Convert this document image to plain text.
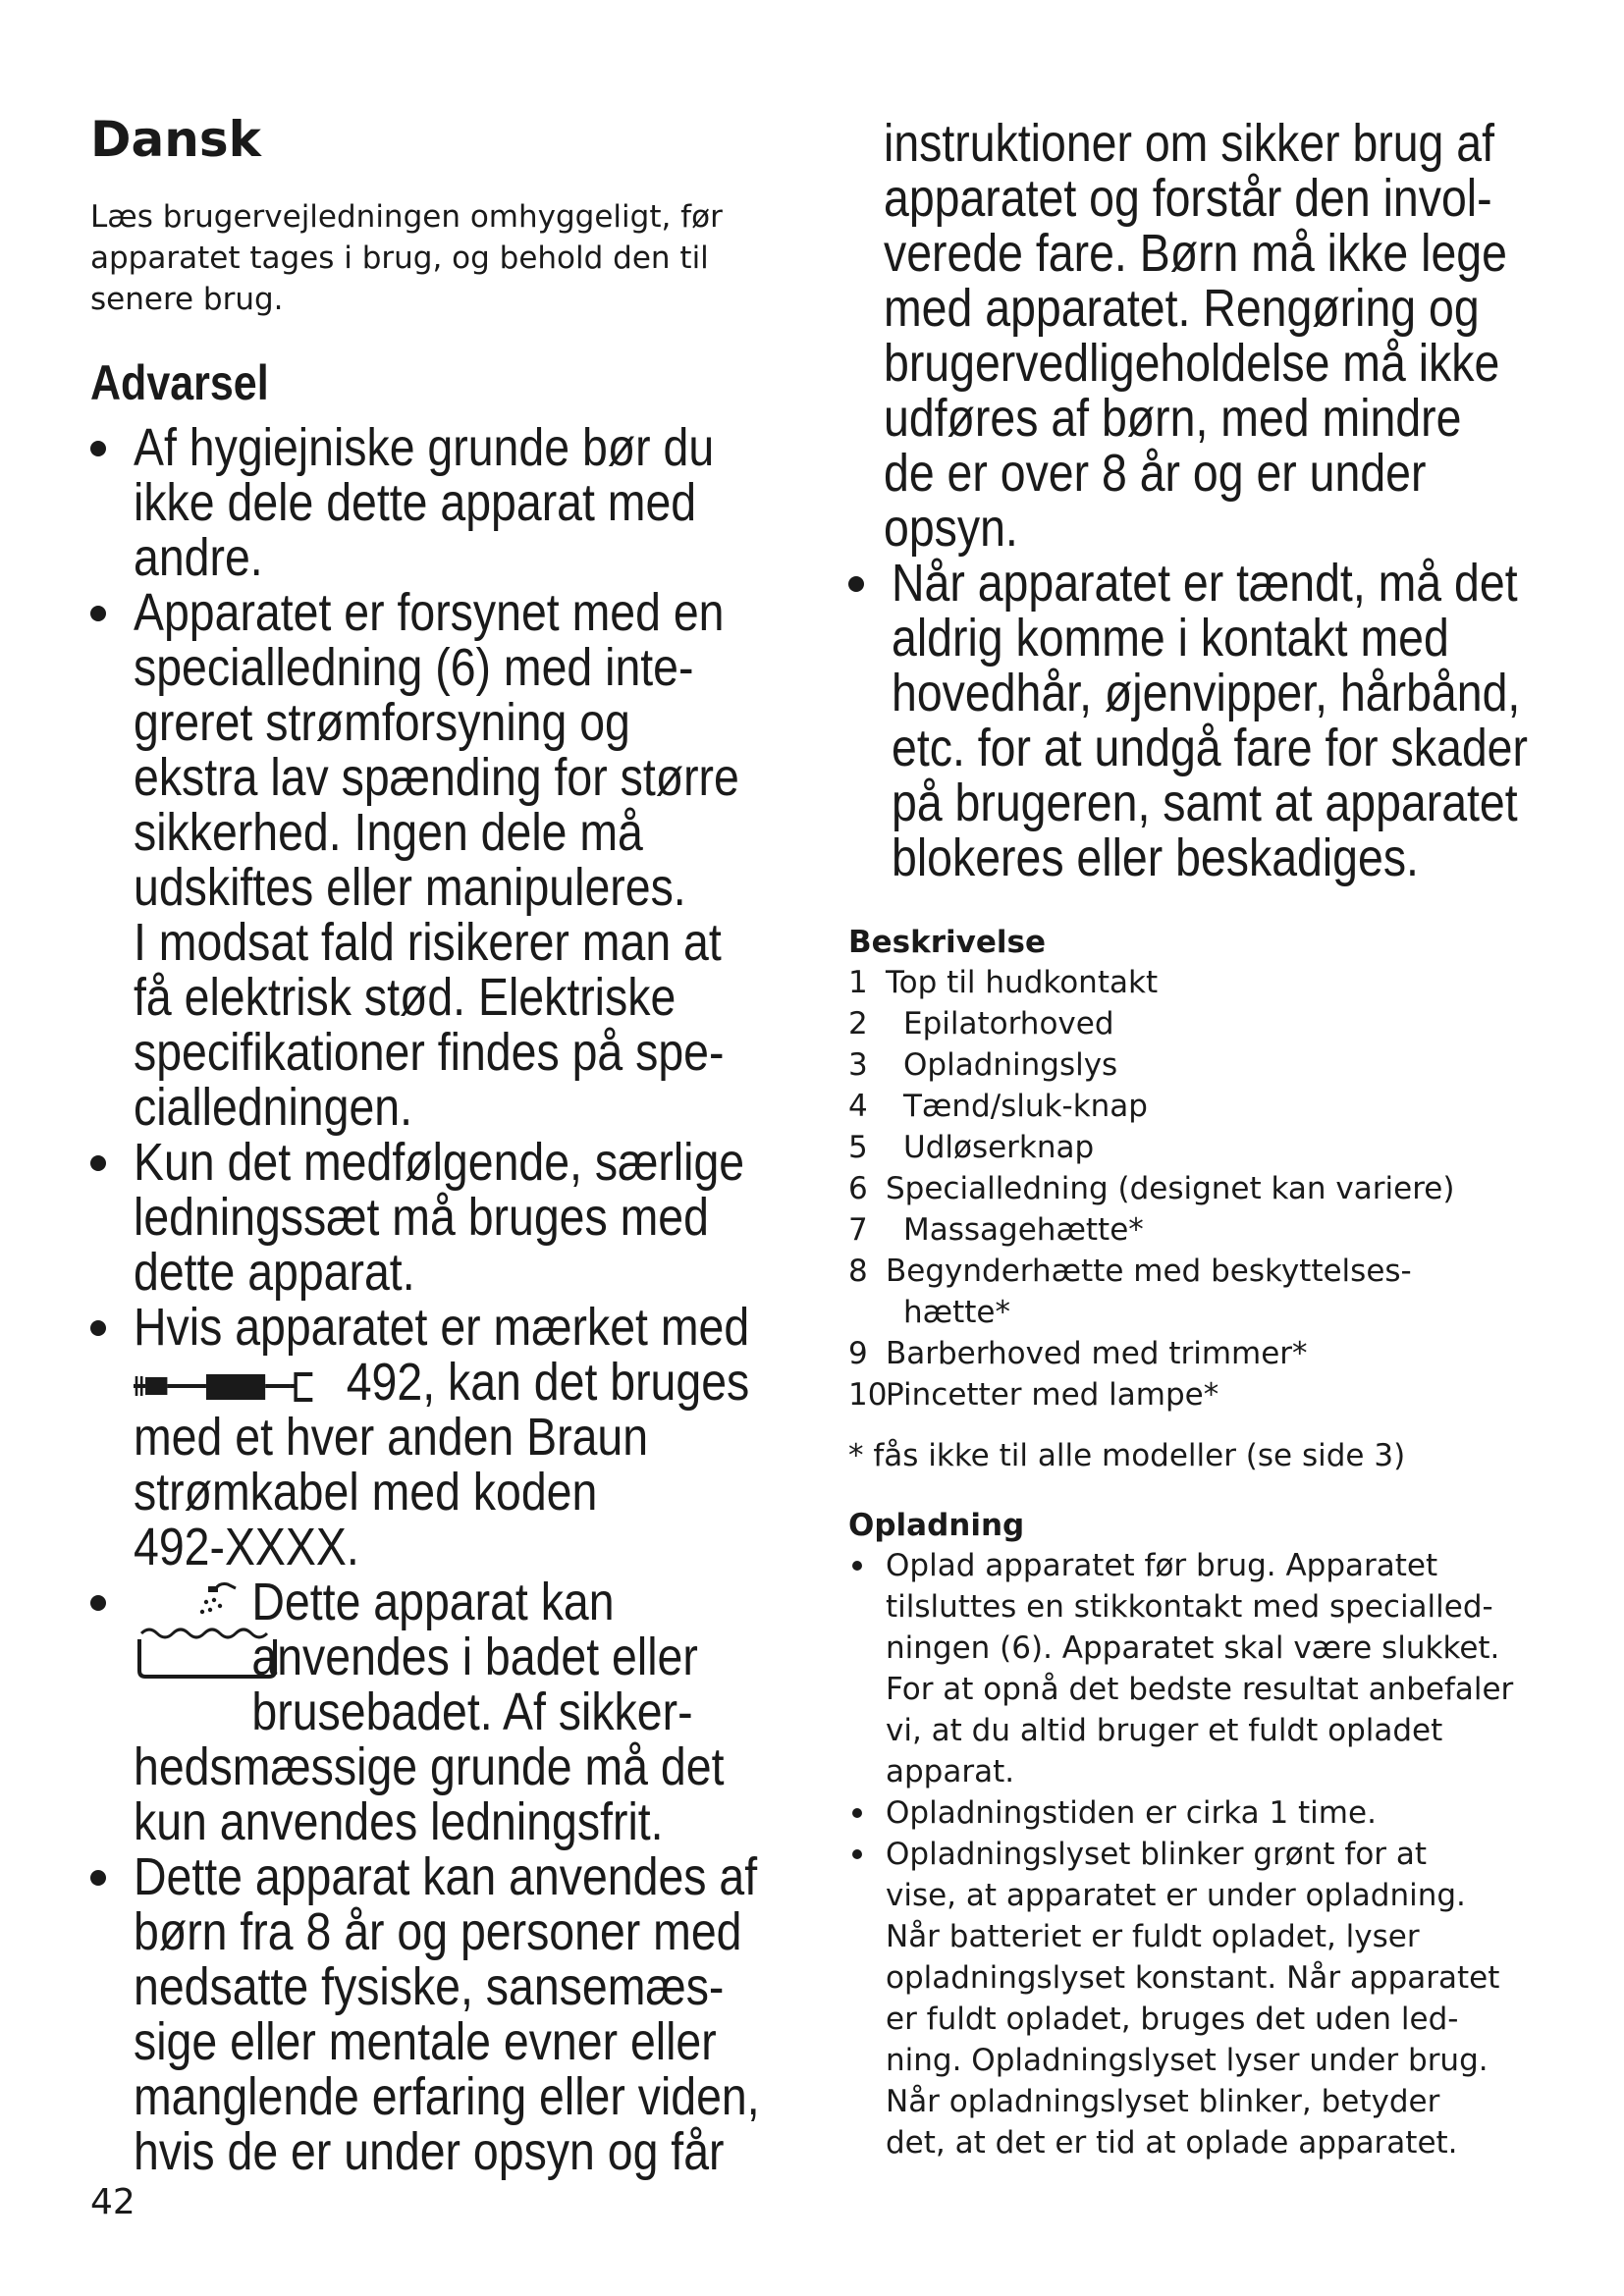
Dansk

Læs brugervejledningen omhyggeligt, før apparatet tages i brug, og behold den til senere brug.

Advarsel
Af hygiejniske grunde bør du
ikke dele dette apparat med
andre.
Apparatet er forsynet med en
specialledning (6) med inte-
greret strømforsyning og
ekstra lav spænding for større
sikkerhed. Ingen dele må
udskiftes eller manipuleres.
I modsat fald risikerer man at
få elektrisk stød. Elektriske
specifikationer findes på spe-
cialledningen.
Kun det medfølgende, særlige
ledningssæt må bruges med
dette apparat.
Hvis apparatet er mærket med
492, kan det bruges
med et hver anden Braun
strømkabel med koden
492-XXXX.
Dette apparat kan
anvendes i badet eller
brusebadet. Af sikker-
hedsmæssige grunde må det
kun anvendes ledningsfrit.
Dette apparat kan anvendes af
børn fra 8 år og personer med
nedsatte fysiske, sansemæs-
sige eller mentale evner eller
manglende erfaring eller viden,
hvis de er under opsyn og får

42

instruktioner om sikker brug af
apparatet og forstår den invol-
verede fare. Børn må ikke lege
med apparatet. Rengøring og
brugervedligeholdelse må ikke
udføres af børn, med mindre
de er over 8 år og er under
opsyn.
Når apparatet er tændt, må det
aldrig komme i kontakt med
hovedhår, øjenvipper, hårbånd,
etc. for at undgå fare for skader
på brugeren, samt at apparatet
blokeres eller beskadiges.
Beskrivelse
1 Top til hudkontakt
2 Epilatorhoved
3 Opladningslys
4 Tænd/sluk-knap
5 Udløserknap
6 Specialledning (designet kan variere)
7 Massagehætte*
8 Begynderhætte med beskyttelses-
hætte*
9 Barberhoved med trimmer*
10Pincetter med lampe*

* fås ikke til alle modeller (se side 3)

Opladning
Oplad apparatet før brug. Apparatet
tilsluttes en stikkontakt med specialled-
ningen (6). Apparatet skal være slukket.
For at opnå det bedste resultat anbefaler
vi, at du altid bruger et fuldt opladet
apparat.
Opladningstiden er cirka 1 time.
Opladningslyset blinker grønt for at
vise, at apparatet er under opladning.
Når batteriet er fuldt opladet, lyser
opladningslyset konstant. Når apparatet
er fuldt opladet, bruges det uden led-
ning. Opladningslyset lyser under brug.
Når opladningslyset blinker, betyder
det, at det er tid at oplade apparatet.
